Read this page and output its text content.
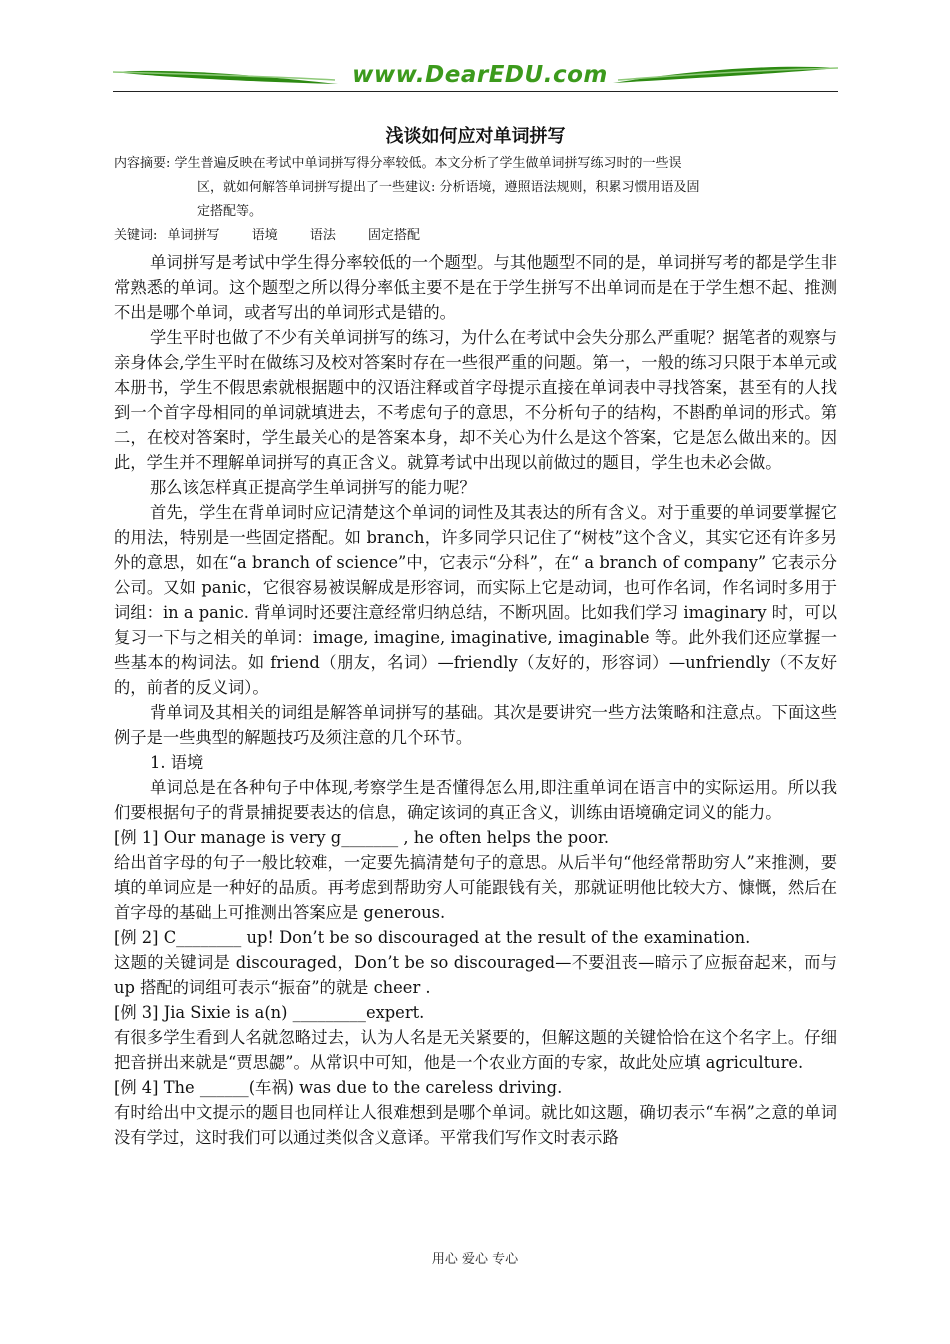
www.DearEDU.com
浅谈如何应对单词拼写
内容摘要: 学生普遍反映在考试中单词拼写得分率较低。本文分析了学生做单词拼写练习时的一些误
区，就如何解答单词拼写提出了一些建议: 分析语境，遵照语法规则，积累习惯用语及固
定搭配等。
关键词: 单词拼写 语境 语法 固定搭配

单词拼写是考试中学生得分率较低的一个题型。与其他题型不同的是，单词拼写考的都是学生非常熟悉的单词。这个题型之所以得分率低主要不是在于学生拼写不出单词而是在于学生想不起、推测不出是哪个单词，或者写出的单词形式是错的。

学生平时也做了不少有关单词拼写的练习，为什么在考试中会失分那么严重呢？据笔者的观察与亲身体会,学生平时在做练习及校对答案时存在一些很严重的问题。第一，一般的练习只限于本单元或本册书，学生不假思索就根据题中的汉语注释或首字母提示直接在单词表中寻找答案，甚至有的人找到一个首字母相同的单词就填进去，不考虑句子的意思，不分析句子的结构，不斟酌单词的形式。第二，在校对答案时，学生最关心的是答案本身，却不关心为什么是这个答案，它是怎么做出来的。因此，学生并不理解单词拼写的真正含义。就算考试中出现以前做过的题目，学生也未必会做。

那么该怎样真正提高学生单词拼写的能力呢？

首先，学生在背单词时应记清楚这个单词的词性及其表达的所有含义。对于重要的单词要掌握它的用法，特别是一些固定搭配。如 branch，许多同学只记住了“树枝”这个含义，其实它还有许多另外的意思，如在“a branch of science”中，它表示“分科”，在“ a branch of company” 它表示分公司。又如 panic，它很容易被误解成是形容词，而实际上它是动词，也可作名词，作名词时多用于词组：in a panic. 背单词时还要注意经常归纳总结，不断巩固。比如我们学习 imaginary 时，可以复习一下与之相关的单词：image, imagine, imaginative, imaginable 等。此外我们还应掌握一些基本的构词法。如 friend（朋友，名词）—friendly（友好的，形容词）—unfriendly（不友好的，前者的反义词）。

背单词及其相关的词组是解答单词拼写的基础。其次是要讲究一些方法策略和注意点。下面这些例子是一些典型的解题技巧及须注意的几个环节。

1. 语境

单词总是在各种句子中体现,考察学生是否懂得怎么用,即注重单词在语言中的实际运用。所以我们要根据句子的背景捕捉要表达的信息，确定该词的真正含义，训练由语境确定词义的能力。

[例 1] Our manage is very g_______ , he often helps the poor.

给出首字母的句子一般比较难，一定要先搞清楚句子的意思。从后半句“他经常帮助穷人”来推测，要填的单词应是一种好的品质。再考虑到帮助穷人可能跟钱有关，那就证明他比较大方、慷慨，然后在首字母的基础上可推测出答案应是 generous.

[例 2] C________ up! Don’t be so discouraged at the result of the examination.

这题的关键词是 discouraged，Don’t be so discouraged—不要沮丧—暗示了应振奋起来，而与 up 搭配的词组可表示“振奋”的就是 cheer .

[例 3] Jia Sixie is a(n) _________expert.

有很多学生看到人名就忽略过去，认为人名是无关紧要的，但解这题的关键恰恰在这个名字上。仔细把音拼出来就是“贾思勰”。从常识中可知，他是一个农业方面的专家，故此处应填 agriculture.

[例 4] The ______(车祸) was due to the careless driving.

有时给出中文提示的题目也同样让人很难想到是哪个单词。就比如这题，确切表示“车祸”之意的单词没有学过，这时我们可以通过类似含义意译。平常我们写作文时表示路

用心 爱心 专心
